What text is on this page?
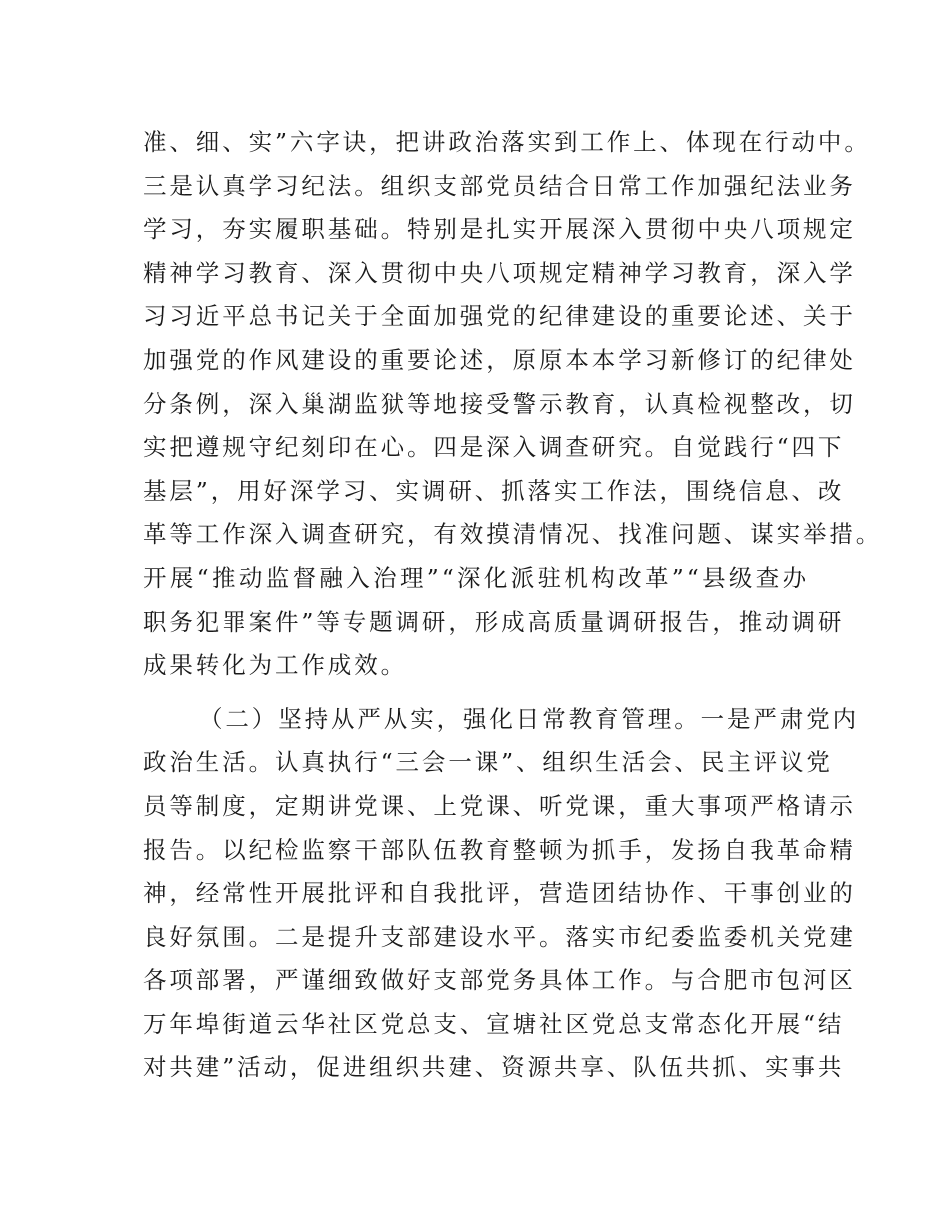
准、细、实”六字诀，把讲政治落实到工作上、体现在行动中。
三是认真学习纪法。组织支部党员结合日常工作加强纪法业务
学习，夯实履职基础。特别是扎实开展深入贯彻中央八项规定
精神学习教育、深入贯彻中央八项规定精神学习教育，深入学
习习近平总书记关于全面加强党的纪律建设的重要论述、关于
加强党的作风建设的重要论述，原原本本学习新修订的纪律处
分条例，深入巢湖监狱等地接受警示教育，认真检视整改，切
实把遵规守纪刻印在心。四是深入调查研究。自觉践行“四下
基层”，用好深学习、实调研、抓落实工作法，围绕信息、改
革等工作深入调查研究，有效摸清情况、找准问题、谋实举措。
开展“推动监督融入治理”“深化派驻机构改革”“县级查办
职务犯罪案件”等专题调研，形成高质量调研报告，推动调研
成果转化为工作成效。
（二）坚持从严从实，强化日常教育管理。一是严肃党内
政治生活。认真执行“三会一课”、组织生活会、民主评议党
员等制度，定期讲党课、上党课、听党课，重大事项严格请示
报告。以纪检监察干部队伍教育整顿为抓手，发扬自我革命精
神，经常性开展批评和自我批评，营造团结协作、干事创业的
良好氛围。二是提升支部建设水平。落实市纪委监委机关党建
各项部署，严谨细致做好支部党务具体工作。与合肥市包河区
万年埠街道云华社区党总支、宣塘社区党总支常态化开展“结
对共建”活动，促进组织共建、资源共享、队伍共抓、实事共
